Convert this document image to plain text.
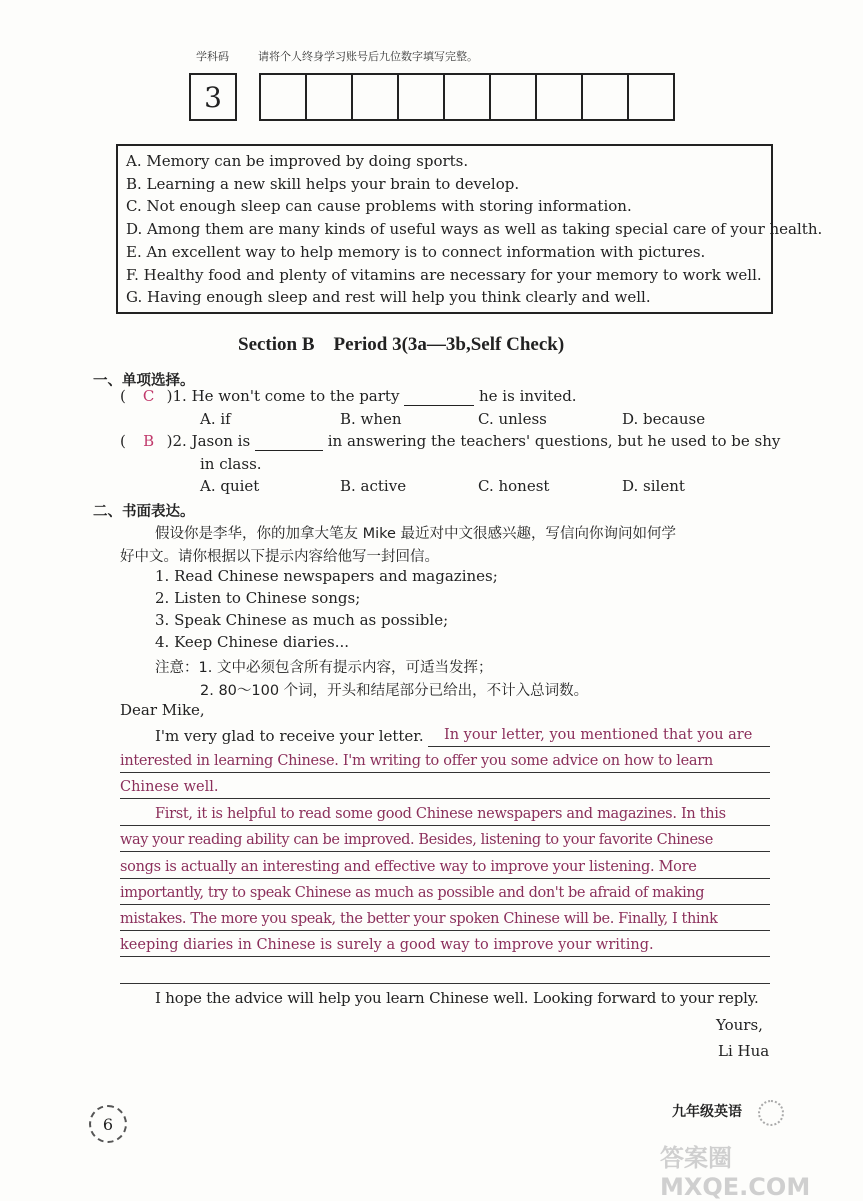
学科码	请将个人终身学习账号后九位数字填写完整。
3
A. Memory can be improved by doing sports.
B. Learning a new skill helps your brain to develop.
C. Not enough sleep can cause problems with storing information.
D. Among them are many kinds of useful ways as well as taking special care of your health.
E. An excellent way to help memory is to connect information with pictures.
F. Healthy food and plenty of vitamins are necessary for your memory to work well.
G. Having enough sleep and rest will help you think clearly and well.
Section B　Period 3(3a—3b,Self Check)
一、单项选择。
( C )1. He won't come to the party	he is invited.
A. if	B. when	C. unless	D. because
( B )2. Jason is	in answering the teachers' questions, but he used to be shy
in class.
A. quiet	B. active	C. honest	D. silent
二、书面表达。
假设你是李华，你的加拿大笔友 Mike 最近对中文很感兴趣，写信向你询问如何学
好中文。请你根据以下提示内容给他写一封回信。
1. Read Chinese newspapers and magazines;
2. Listen to Chinese songs;
3. Speak Chinese as much as possible;
4. Keep Chinese diaries...
注意：1. 文中必须包含所有提示内容，可适当发挥；
2. 80～100 个词，开头和结尾部分已给出，不计入总词数。
Dear Mike,
I'm very glad to receive your letter. In your letter, you mentioned that you are
interested in learning Chinese. I'm writing to offer you some advice on how to learn
Chinese well.
First, it is helpful to read some good Chinese newspapers and magazines. In this
way your reading ability can be improved. Besides, listening to your favorite Chinese
songs is actually an interesting and effective way to improve your listening. More
importantly, try to speak Chinese as much as possible and don't be afraid of making
mistakes. The more you speak, the better your spoken Chinese will be. Finally, I think
keeping diaries in Chinese is surely a good way to improve your writing.
I hope the advice will help you learn Chinese well. Looking forward to your reply.
Yours,
Li Hua
6
九年级英语
答案圈 MXQE.COM
